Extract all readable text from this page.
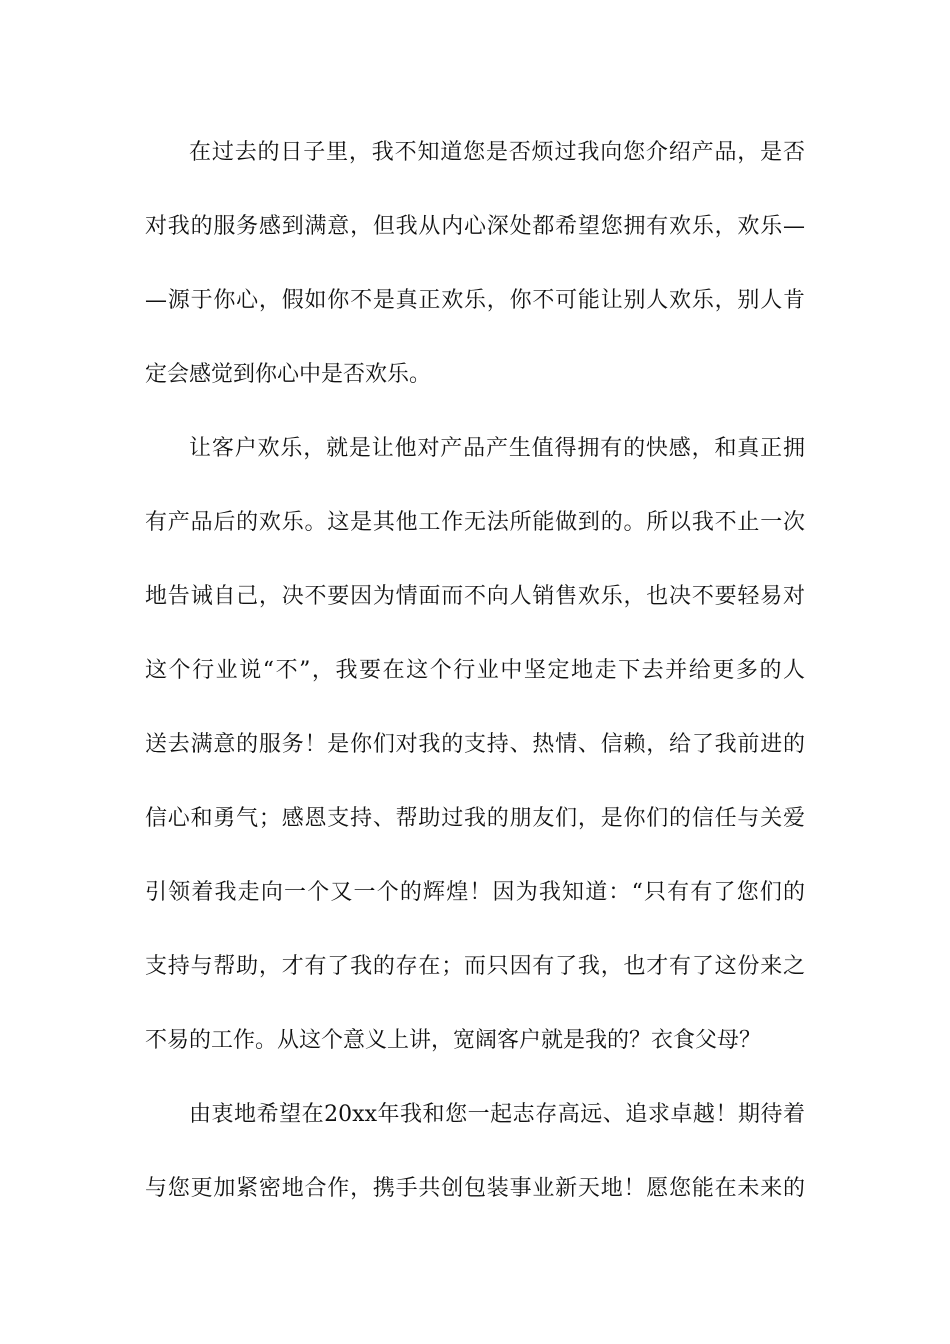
在过去的日子里，我不知道您是否烦过我向您介绍产品，是否
对我的服务感到满意，但我从内心深处都希望您拥有欢乐，欢乐—
—源于你心，假如你不是真正欢乐，你不可能让别人欢乐，别人肯
定会感觉到你心中是否欢乐。
让客户欢乐，就是让他对产品产生值得拥有的快感，和真正拥
有产品后的欢乐。这是其他工作无法所能做到的。所以我不止一次
地告诫自己，决不要因为情面而不向人销售欢乐，也决不要轻易对
这个行业说“不”，我要在这个行业中坚定地走下去并给更多的人
送去满意的服务！是你们对我的支持、热情、信赖，给了我前进的
信心和勇气；感恩支持、帮助过我的朋友们，是你们的信任与关爱
引领着我走向一个又一个的辉煌！因为我知道：“只有有了您们的
支持与帮助，才有了我的存在；而只因有了我，也才有了这份来之
不易的工作。从这个意义上讲，宽阔客户就是我的？衣食父母？
由衷地希望在20xx年我和您一起志存高远、追求卓越！期待着
与您更加紧密地合作，携手共创包装事业新天地！愿您能在未来的
